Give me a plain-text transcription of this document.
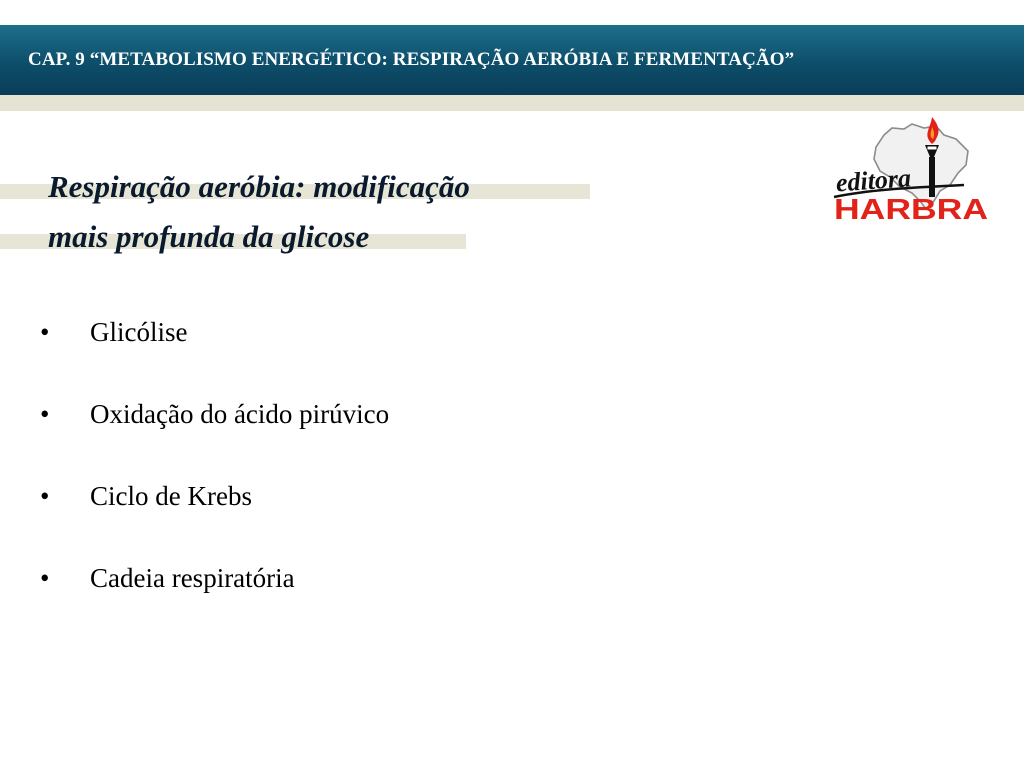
CAP. 9 “METABOLISMO ENERGÉTICO: RESPIRAÇÃO AERÓBIA E FERMENTAÇÃO”
Respiração aeróbia: modificação
mais profunda da glicose
• Glicólise
• Oxidação do ácido pirúvico
• Ciclo de Krebs
• Cadeia respiratória
editora
HARBRA
